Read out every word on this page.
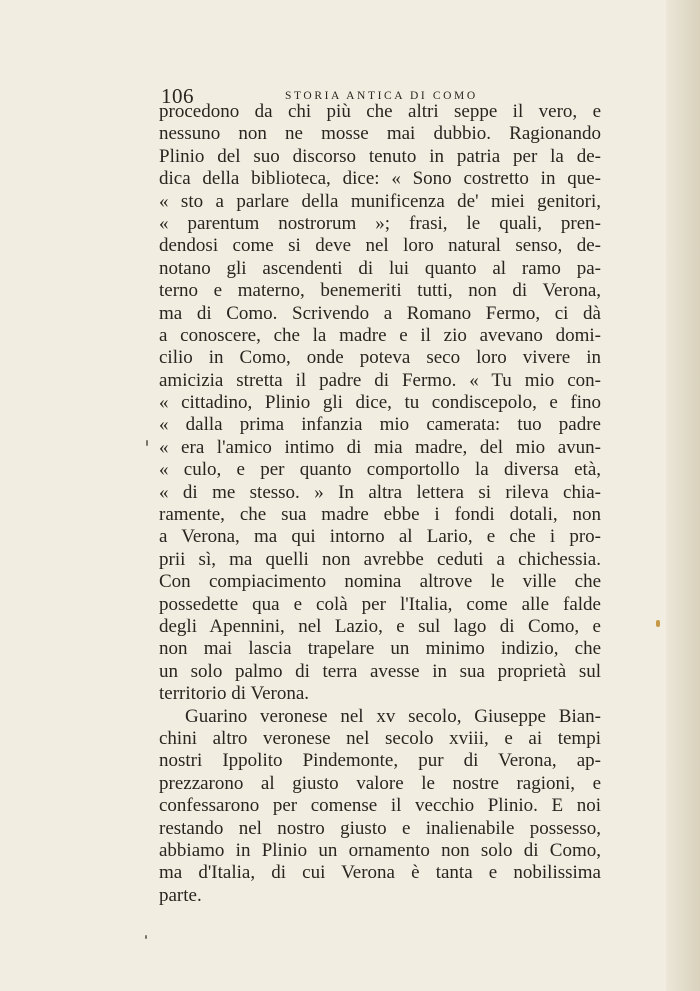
106	STORIA ANTICA DI COMO
procedono da chi più che altri seppe il vero, e
nessuno non ne mosse mai dubbio. Ragionando
Plinio del suo discorso tenuto in patria per la de-
dica della biblioteca, dice: « Sono costretto in que-
« sto a parlare della munificenza de' miei genitori,
« parentum nostrorum »; frasi, le quali, pren-
dendosi come si deve nel loro natural senso, de-
notano gli ascendenti di lui quanto al ramo pa-
terno e materno, benemeriti tutti, non di Verona,
ma di Como. Scrivendo a Romano Fermo, ci dà
a conoscere, che la madre e il zio avevano domi-
cilio in Como, onde poteva seco loro vivere in
amicizia stretta il padre di Fermo. « Tu mio con-
« cittadino, Plinio gli dice, tu condiscepolo, e fino
« dalla prima infanzia mio camerata: tuo padre
« era l'amico intimo di mia madre, del mio avun-
« culo, e per quanto comportollo la diversa età,
« di me stesso. » In altra lettera si rileva chia-
ramente, che sua madre ebbe i fondi dotali, non
a Verona, ma qui intorno al Lario, e che i pro-
prii sì, ma quelli non avrebbe ceduti a chichessia.
Con compiacimento nomina altrove le ville che
possedette qua e colà per l'Italia, come alle falde
degli Apennini, nel Lazio, e sul lago di Como, e
non mai lascia trapelare un minimo indizio, che
un solo palmo di terra avesse in sua proprietà sul
territorio di Verona.
Guarino veronese nel xv secolo, Giuseppe Bian-
chini altro veronese nel secolo xviii, e ai tempi
nostri Ippolito Pindemonte, pur di Verona, ap-
prezzarono al giusto valore le nostre ragioni, e
confessarono per comense il vecchio Plinio. E noi
restando nel nostro giusto e inalienabile possesso,
abbiamo in Plinio un ornamento non solo di Como,
ma d'Italia, di cui Verona è tanta e nobilissima
parte.
